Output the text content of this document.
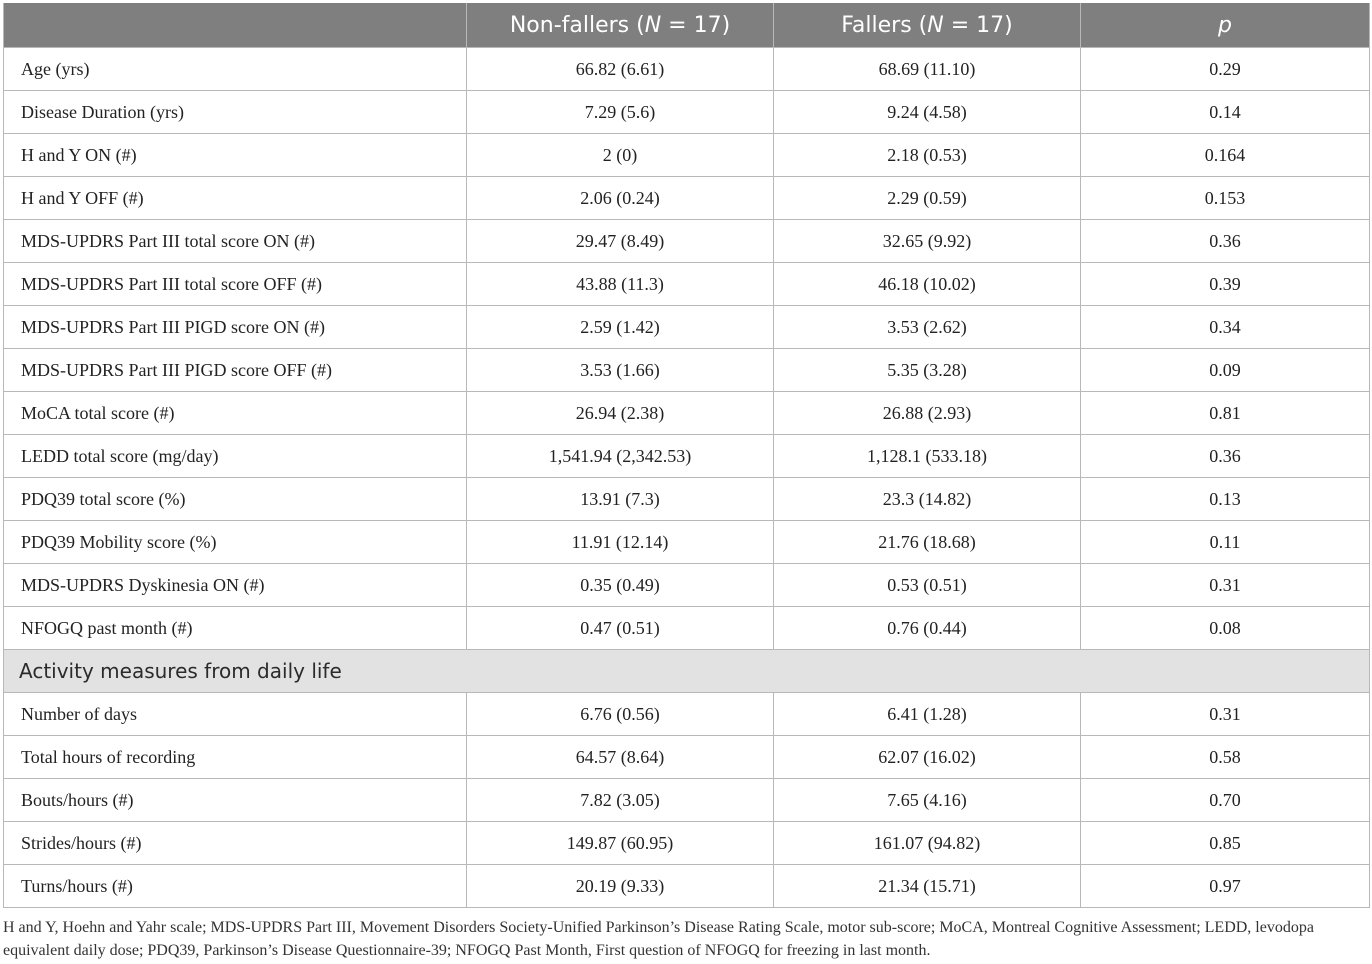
	Non-fallers (N = 17)	Fallers (N = 17)	p
Age (yrs)	66.82 (6.61)	68.69 (11.10)	0.29
Disease Duration (yrs)	7.29 (5.6)	9.24 (4.58)	0.14
H and Y ON (#)	2 (0)	2.18 (0.53)	0.164
H and Y OFF (#)	2.06 (0.24)	2.29 (0.59)	0.153
MDS-UPDRS Part III total score ON (#)	29.47 (8.49)	32.65 (9.92)	0.36
MDS-UPDRS Part III total score OFF (#)	43.88 (11.3)	46.18 (10.02)	0.39
MDS-UPDRS Part III PIGD score ON (#)	2.59 (1.42)	3.53 (2.62)	0.34
MDS-UPDRS Part III PIGD score OFF (#)	3.53 (1.66)	5.35 (3.28)	0.09
MoCA total score (#)	26.94 (2.38)	26.88 (2.93)	0.81
LEDD total score (mg/day)	1,541.94 (2,342.53)	1,128.1 (533.18)	0.36
PDQ39 total score (%)	13.91 (7.3)	23.3 (14.82)	0.13
PDQ39 Mobility score (%)	11.91 (12.14)	21.76 (18.68)	0.11
MDS-UPDRS Dyskinesia ON (#)	0.35 (0.49)	0.53 (0.51)	0.31
NFOGQ past month (#)	0.47 (0.51)	0.76 (0.44)	0.08
Activity measures from daily life			
Number of days	6.76 (0.56)	6.41 (1.28)	0.31
Total hours of recording	64.57 (8.64)	62.07 (16.02)	0.58
Bouts/hours (#)	7.82 (3.05)	7.65 (4.16)	0.70
Strides/hours (#)	149.87 (60.95)	161.07 (94.82)	0.85
Turns/hours (#)	20.19 (9.33)	21.34 (15.71)	0.97
H and Y, Hoehn and Yahr scale; MDS-UPDRS Part III, Movement Disorders Society-Unified Parkinson’s Disease Rating Scale, motor sub-score; MoCA, Montreal Cognitive Assessment; LEDD, levodopa equivalent daily dose; PDQ39, Parkinson’s Disease Questionnaire-39; NFOGQ Past Month, First question of NFOGQ for freezing in last month.
